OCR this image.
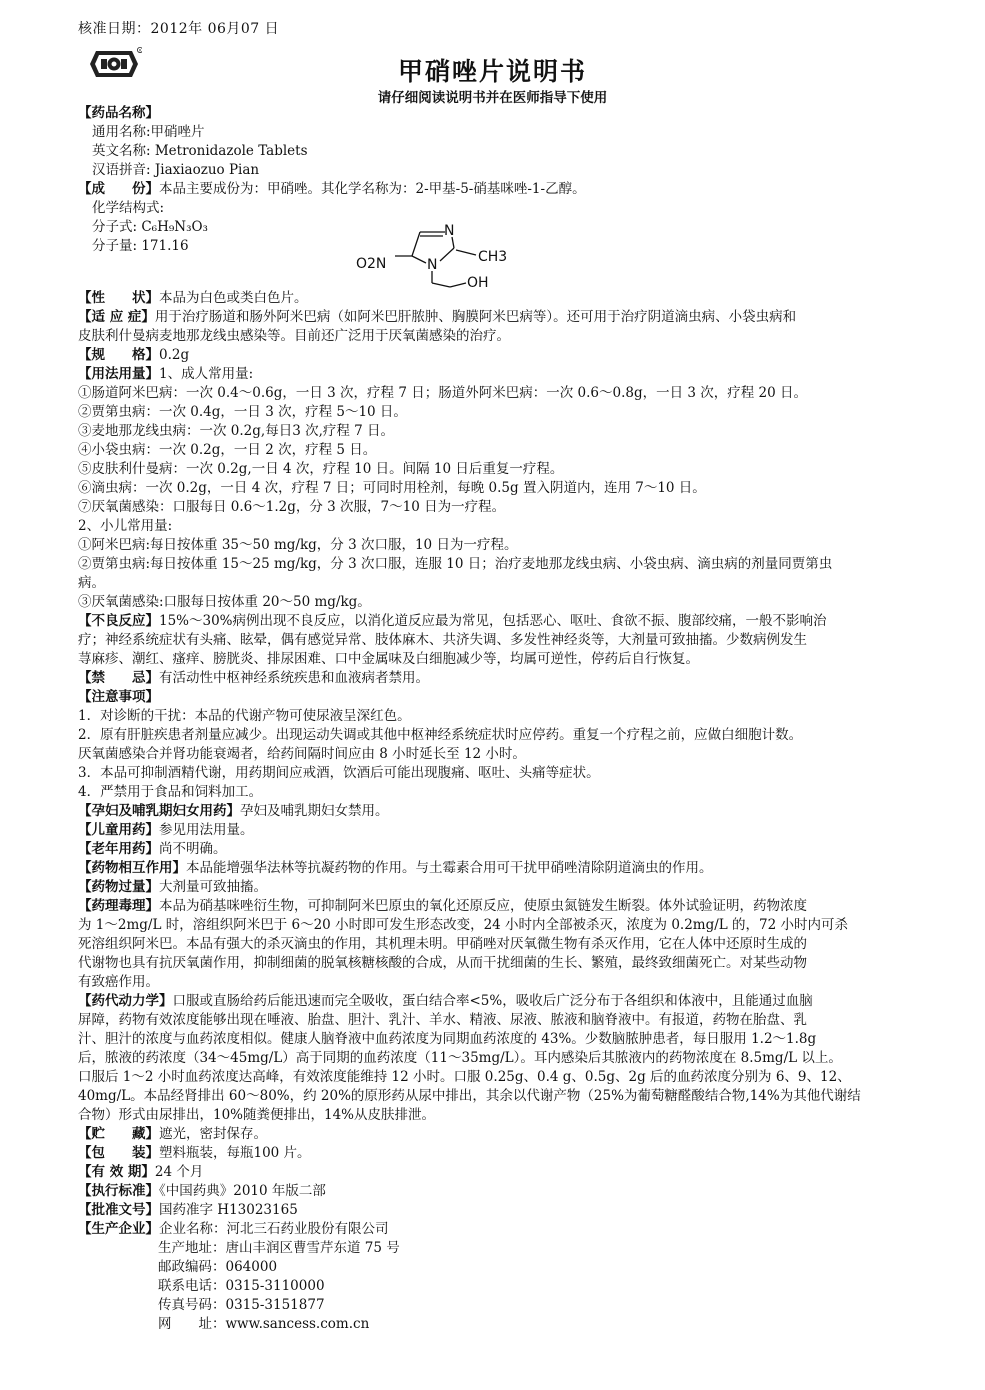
核准日期：2012年 06月07 日
R
甲硝唑片说明书
请仔细阅读说明书并在医师指导下使用
【药品名称】
通用名称:甲硝唑片
英文名称: Metronidazole Tablets
汉语拼音: Jiaxiaozuo Pian
【成　　份】本品主要成份为：甲硝唑。其化学名称为：2-甲基-5-硝基咪唑-1-乙醇。
化学结构式:
分子式: C₆H₉N₃O₃
分子量: 171.16
【性　　状】本品为白色或类白色片。
【适 应 症】用于治疗肠道和肠外阿米巴病（如阿米巴肝脓肿、胸膜阿米巴病等）。还可用于治疗阴道滴虫病、小袋虫病和
皮肤利什曼病麦地那龙线虫感染等。目前还广泛用于厌氧菌感染的治疗。
【规　　格】0.2g
【用法用量】1、成人常用量:
①肠道阿米巴病：一次 0.4～0.6g，一日 3 次，疗程 7 日；肠道外阿米巴病：一次 0.6～0.8g，一日 3 次，疗程 20 日。
②贾第虫病：一次 0.4g，一日 3 次，疗程 5～10 日。
③麦地那龙线虫病：一次 0.2g,每日3 次,疗程 7 日。
④小袋虫病：一次 0.2g，一日 2 次，疗程 5 日。
⑤皮肤利什曼病：一次 0.2g,一日 4 次，疗程 10 日。间隔 10 日后重复一疗程。
⑥滴虫病：一次 0.2g，一日 4 次，疗程 7 日；可同时用栓剂，每晚 0.5g 置入阴道内，连用 7～10 日。
⑦厌氧菌感染：口服每日 0.6～1.2g，分 3 次服，7～10 日为一疗程。
2、小儿常用量:
①阿米巴病:每日按体重 35～50 mg/kg，分 3 次口服，10 日为一疗程。
②贾第虫病:每日按体重 15～25 mg/kg，分 3 次口服，连服 10 日；治疗麦地那龙线虫病、小袋虫病、滴虫病的剂量同贾第虫
病。
③厌氧菌感染:口服每日按体重 20～50 mg/kg。
【不良反应】15%～30%病例出现不良反应，以消化道反应最为常见，包括恶心、呕吐、食欲不振、腹部绞痛，一般不影响治
疗；神经系统症状有头痛、眩晕，偶有感觉异常、肢体麻木、共济失调、多发性神经炎等，大剂量可致抽搐。少数病例发生
荨麻疹、潮红、瘙痒、膀胱炎、排尿困难、口中金属味及白细胞减少等，均属可逆性，停药后自行恢复。
【禁　　忌】有活动性中枢神经系统疾患和血液病者禁用。
【注意事项】
1．对诊断的干扰：本品的代谢产物可使尿液呈深红色。
2．原有肝脏疾患者剂量应减少。出现运动失调或其他中枢神经系统症状时应停药。重复一个疗程之前，应做白细胞计数。
厌氧菌感染合并肾功能衰竭者，给药间隔时间应由 8 小时延长至 12 小时。
3．本品可抑制酒精代谢，用药期间应戒酒，饮酒后可能出现腹痛、呕吐、头痛等症状。
4．严禁用于食品和饲料加工。
【孕妇及哺乳期妇女用药】孕妇及哺乳期妇女禁用。
【儿童用药】参见用法用量。
【老年用药】尚不明确。
【药物相互作用】本品能增强华法林等抗凝药物的作用。与土霉素合用可干扰甲硝唑清除阴道滴虫的作用。
【药物过量】大剂量可致抽搐。
【药理毒理】本品为硝基咪唑衍生物，可抑制阿米巴原虫的氧化还原反应，使原虫氮链发生断裂。体外试验证明，药物浓度
为 1～2mg/L 时，溶组织阿米巴于 6～20 小时即可发生形态改变，24 小时内全部被杀灭，浓度为 0.2mg/L 的，72 小时内可杀
死溶组织阿米巴。本品有强大的杀灭滴虫的作用，其机理未明。甲硝唑对厌氧微生物有杀灭作用，它在人体中还原时生成的
代谢物也具有抗厌氧菌作用，抑制细菌的脱氧核糖核酸的合成，从而干扰细菌的生长、繁殖，最终致细菌死亡。对某些动物
有致癌作用。
【药代动力学】口服或直肠给药后能迅速而完全吸收，蛋白结合率<5%，吸收后广泛分布于各组织和体液中，且能通过血脑
屏障，药物有效浓度能够出现在唾液、胎盘、胆汁、乳汁、羊水、精液、尿液、脓液和脑脊液中。有报道，药物在胎盘、乳
汁、胆汁的浓度与血药浓度相似。健康人脑脊液中血药浓度为同期血药浓度的 43%。少数脑脓肿患者，每日服用 1.2～1.8g
后，脓液的药浓度（34～45mg/L）高于同期的血药浓度（11～35mg/L）。耳内感染后其脓液内的药物浓度在 8.5mg/L 以上。
口服后 1～2 小时血药浓度达高峰，有效浓度能维持 12 小时。口服 0.25g、0.4 g、0.5g、2g 后的血药浓度分别为 6、9、12、
40mg/L。本品经肾排出 60～80%，约 20%的原形药从尿中排出，其余以代谢产物（25%为葡萄糖醛酸结合物,14%为其他代谢结
合物）形式由尿排出，10%随粪便排出，14%从皮肤排泄。
【贮　　藏】遮光，密封保存。
【包　　装】塑料瓶装，每瓶100 片。
【有 效 期】24 个月
【执行标准】《中国药典》2010 年版二部
【批准文号】国药准字 H13023165
【生产企业】企业名称：河北三石药业股份有限公司
生产地址：唐山丰润区曹雪芹东道 75 号
邮政编码：064000
联系电话：0315-3110000
传真号码：0315-3151877
网　　址：www.sancess.com.cn
N
N	CH3
O2N
OH
